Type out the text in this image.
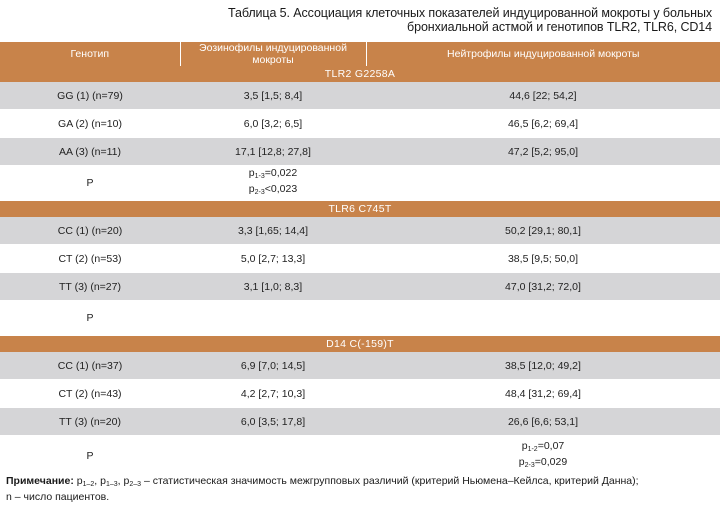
Таблица 5. Ассоциация клеточных показателей индуцированной мокроты у больных
бронхиальной астмой и генотипов TLR2, TLR6, CD14
Генотип	Эозинофилы индуцированной мокроты	Нейтрофилы индуцированной мокроты
TLR2 G2258A		
GG (1) (n=79)	3,5 [1,5; 8,4]	44,6 [22; 54,2]
GA (2) (n=10)	6,0 [3,2; 6,5]	46,5 [6,2; 69,4]
AA (3) (n=11)	17,1 [12,8; 27,8]	47,2 [5,2; 95,0]
Р	$p_{1-3}=0,022$
$p_{2-3}<0,023$	

TLR6 C745T		
CC (1) (n=20)	3,3 [1,65; 14,4]	50,2 [29,1; 80,1]
CT (2) (n=53)	5,0 [2,7; 13,3]	38,5 [9,5; 50,0]
TT (3) (n=27)	3,1 [1,0; 8,3]	47,0 [31,2; 72,0]
Р		
D14 C(-159)T		
CC (1) (n=37)	6,9 [7,0; 14,5]	38,5 [12,0; 49,2]
CT (2) (n=43)	4,2 [2,7; 10,3]	48,4 [31,2; 69,4]
TT (3) (n=20)	6,0 [3,5; 17,8]	26,6 [6,6; 53,1]
Р		$p_{1-2}=0,07$
$p_{2-3}=0,029$
Примечание: $p_{1-2}$, $p_{1-3}$, $p_{2-3}$ – статистическая значимость межгрупповых различий (критерий Ньюмена–Кейлса, критерий Данна);
n – число пациентов.
